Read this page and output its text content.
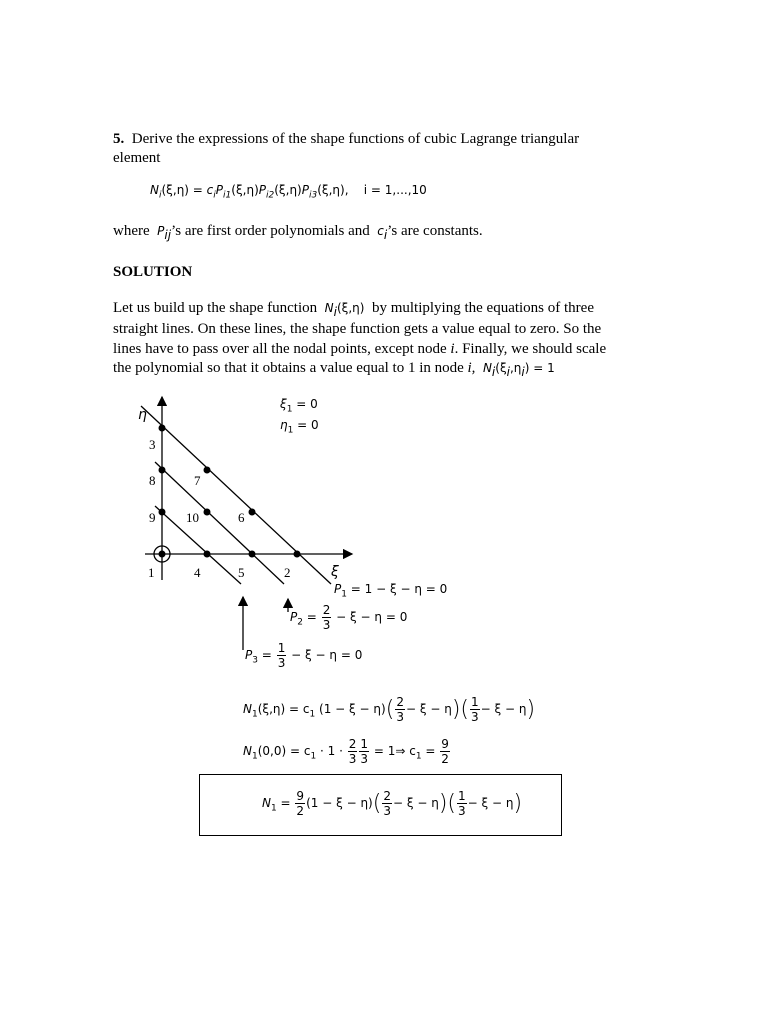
5. Derive the expressions of the shape functions of cubic Lagrange triangular
element
$N_i(\xi,\eta) = c_iP_{i1}(\xi,\eta)P_{i2}(\xi,\eta)P_{i3}(\xi,\eta)$,    i = 1,...,10
where $P_{ij}’s$ are first order polynomials and $c_i’s$ are constants.
SOLUTION
Let us build up the shape function $N_i(\xi,\eta)$ by multiplying the equations of three
straight lines. On these lines, the shape function gets a value equal to zero. So the
lines have to pass over all the nodal points, except node i. Finally, we should scale
the polynomial so that it obtains a value equal to 1 in node i, $N_i(\xi_i,\eta_i) = 1$
η
ξ
1	4	5	2
9 10	6
8	7
3
$\xi_1 = 0$
$\eta_1 = 0$
$P_1 = 1 - \xi - \eta = 0$
$P_2 = \frac{2}{3} - \xi - \eta = 0$
$P_3 = \frac{1}{3} - \xi - \eta = 0$
$N_1(\xi,\eta) = c_1$ $(1 - \xi - \eta)( \frac{2}{3} - \xi - \eta)( \frac{1}{3} - \xi - \eta)$
$N_1(0,0) = c_1 \cdot 1 \cdot \frac{2}{3} \frac{1}{3}$ = 1⇒ $c_1 = \frac{9}{2}$
$N_1 = \frac{9}{2} (1 - \xi - \eta)( \frac{2}{3} - \xi - \eta)( \frac{1}{3} - \xi - \eta)$
